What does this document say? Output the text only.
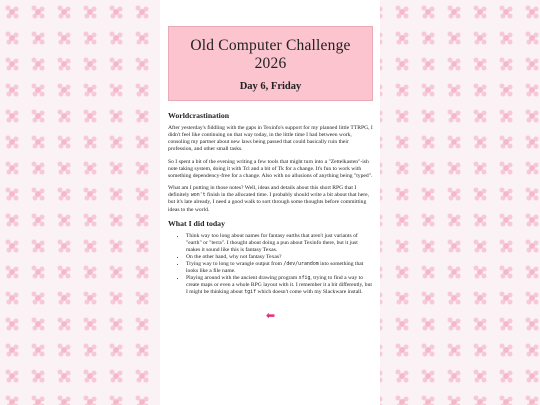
Old Computer Challenge 2026
Day 6, Friday
Worldcrastination

After yesterday's fiddling with the gaps in Texinfo's support for my planned little TTRPG, I didn't feel like continuing on that way today, in the little time I had between work, consoling my partner about new laws being passed that could basically ruin their profession, and other small tasks.

So I spent a bit of the evening writing a few tools that might turn into a "Zettelkasten"-ish note taking system, doing it with Tcl and a bit of Tk for a change. It's fun to work with something dependency-free for a change. Also with no allusions of anything being "typed".

What am I putting in those notes? Well, ideas and details about this short RPG that I definitely won't finish in the allocated time. I probably should write a bit about that here, but it's late already, I need a good walk to sort through some thoughts before committing ideas to the world.

What I did today
• Think way too long about names for fantasy earths that aren't just variants of "earth" or "terra". I thought about doing a pun about Texinfo there, but it just makes it sound like this is fantasy Texas.
• On the other hand, why not fantasy Texas?
• Trying way to long to wrangle output from /dev/urandom into something that looks like a file name.
• Playing around with the ancient drawing program xfig, trying to find a way to create maps or even a whole RPG layout with it. I remember it a bit differently, but I might be thinking about tgif which doesn't come with my Slackware install.
⬅
